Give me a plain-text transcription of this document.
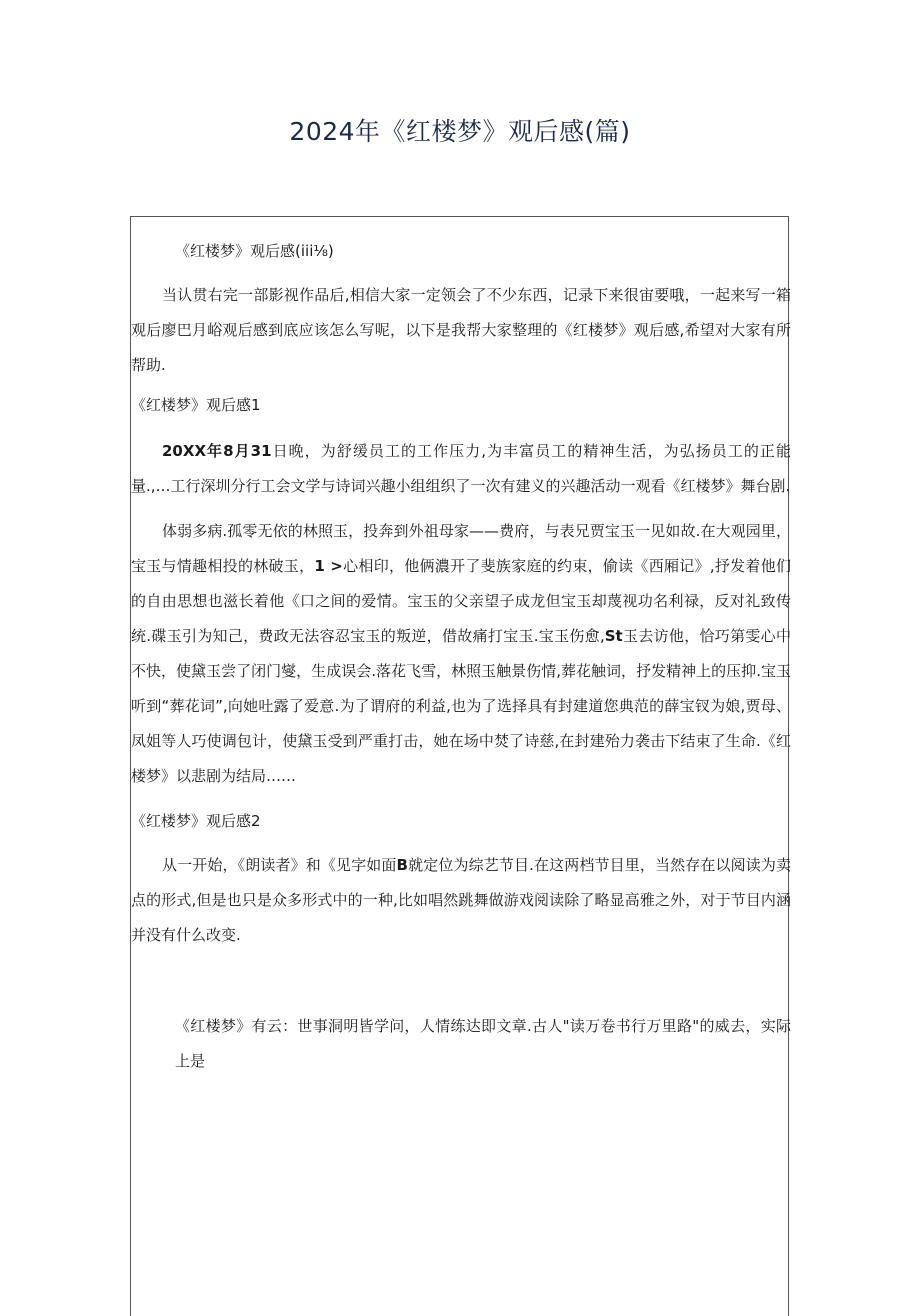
2024年《红楼梦》观后感(篇)

《红楼梦》观后感(iii⅛)

当认贯右完一部影视作品后,相信大家一定领会了不少东西，记录下来很宙要哦，一起来写一箱观后廖巴月峪观后感到底应该怎么写呢，以下是我帮大家整理的《红楼梦》观后感,希望对大家有所帮助.

《红楼梦》观后感1

20XX年8月31日晚，为舒缓员工的工作压力,为丰富员工的精神生活，为弘扬员工的正能量.,…工行深圳分行工会文学与诗词兴趣小组组织了一次有建义的兴趣活动一观看《红楼梦》舞台剧.

体弱多病.孤零无依的林照玉，投奔到外祖母家——费府，与表兄贾宝玉一见如故.在大观园里，宝玉与情趣相投的林破玉，1 >心相印，他俩濃开了斐族家庭的约束，偷读《西厢记》,抒发着他们的自由思想也滋长着他《口之间的爱情。宝玉的父亲望子成龙但宝玉却蔑视功名利禄，反对礼致传统.碟玉引为知己，费政无法容忍宝玉的叛逆，借故痛打宝玉.宝玉伤愈,St玉去访他，恰巧第雯心中不快，使黛玉尝了闭门燮，生成误会.落花飞雪，林照玉触景伤情,葬花触词，抒发精神上的压抑.宝玉听到“葬花词”,向她吐露了爱意.为了谓府的利益,也为了选择具有封建道您典范的薛宝钗为娘,贾母、凤姐等人巧使调包计，使黛玉受到严重打击，她在场中焚了诗慈,在封建殆力袭击下结束了生命.《红楼梦》以悲剧为结局……

《红楼梦》观后感2

从一开始，《朗读者》和《见字如面B就定位为综艺节目.在这两档节目里，当然存在以阅读为卖点的形式,但是也只是众多形式中的一种,比如唱然跳舞做游戏阅读除了略显高雅之外，对于节目内涵并没有什么改变.

《红楼梦》有云：世事洞明皆学问，人情练达即文章.古人"读万卷书行万里路"的威去，实际上是
